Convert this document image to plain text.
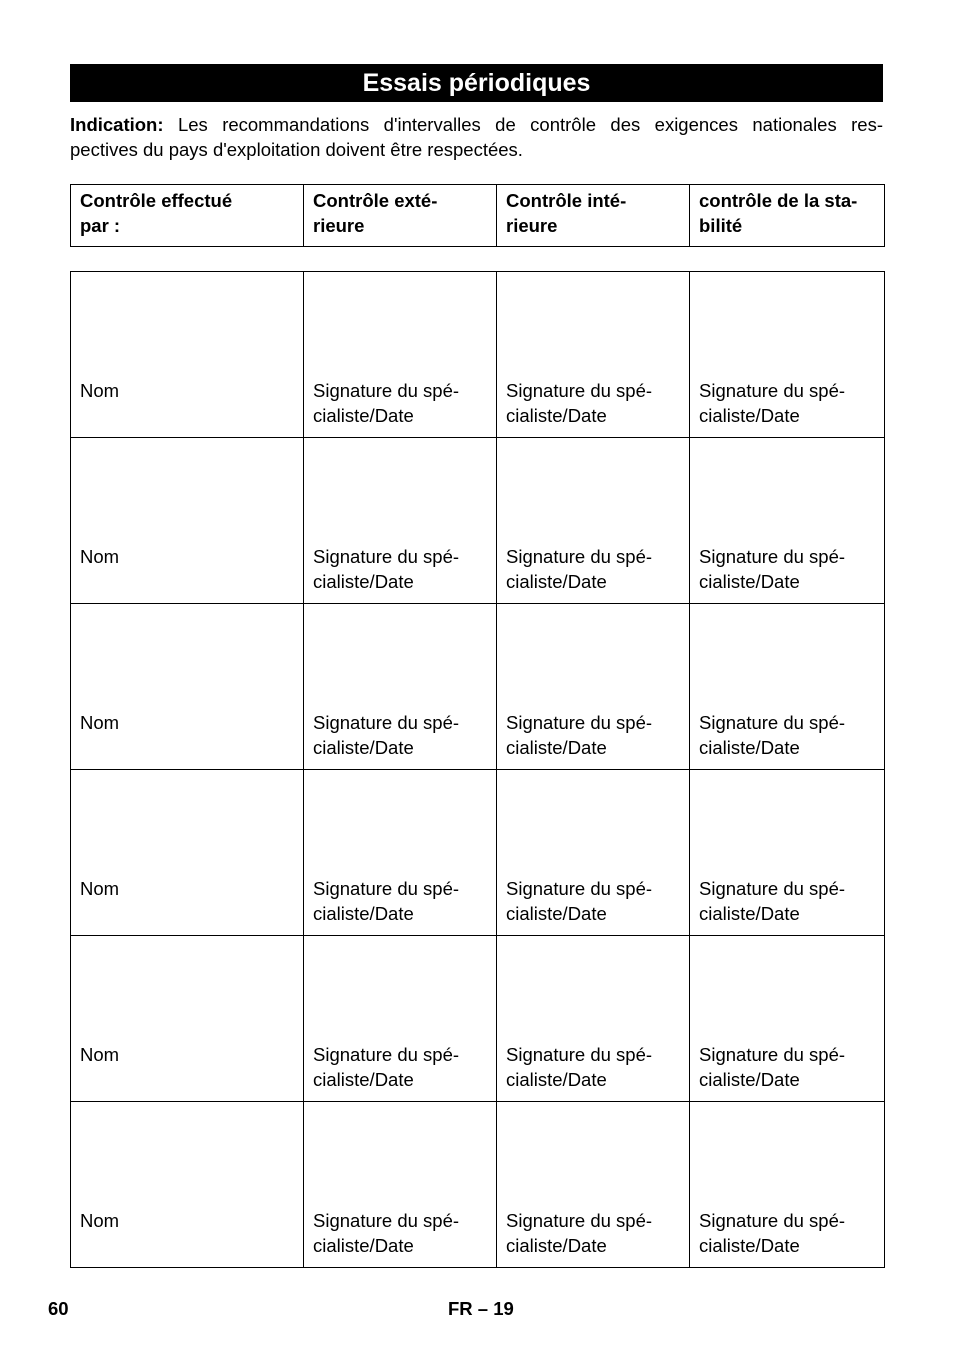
Essais périodiques
Indication: Les recommandations d'intervalles de contrôle des exigences nationales res-
pectives du pays d'exploitation doivent être respectées.
Contrôle effectué
par :	Contrôle exté-
rieure	Contrôle inté-
rieure	contrôle de la sta-
bilité
Nom	Signature du spé-
cialiste/Date	Signature du spé-
cialiste/Date	Signature du spé-
cialiste/Date

Nom	Signature du spé-
cialiste/Date	Signature du spé-
cialiste/Date	Signature du spé-
cialiste/Date

Nom	Signature du spé-
cialiste/Date	Signature du spé-
cialiste/Date	Signature du spé-
cialiste/Date

Nom	Signature du spé-
cialiste/Date	Signature du spé-
cialiste/Date	Signature du spé-
cialiste/Date

Nom	Signature du spé-
cialiste/Date	Signature du spé-
cialiste/Date	Signature du spé-
cialiste/Date

Nom	Signature du spé-
cialiste/Date	Signature du spé-
cialiste/Date	Signature du spé-
cialiste/Date
60	FR – 19
